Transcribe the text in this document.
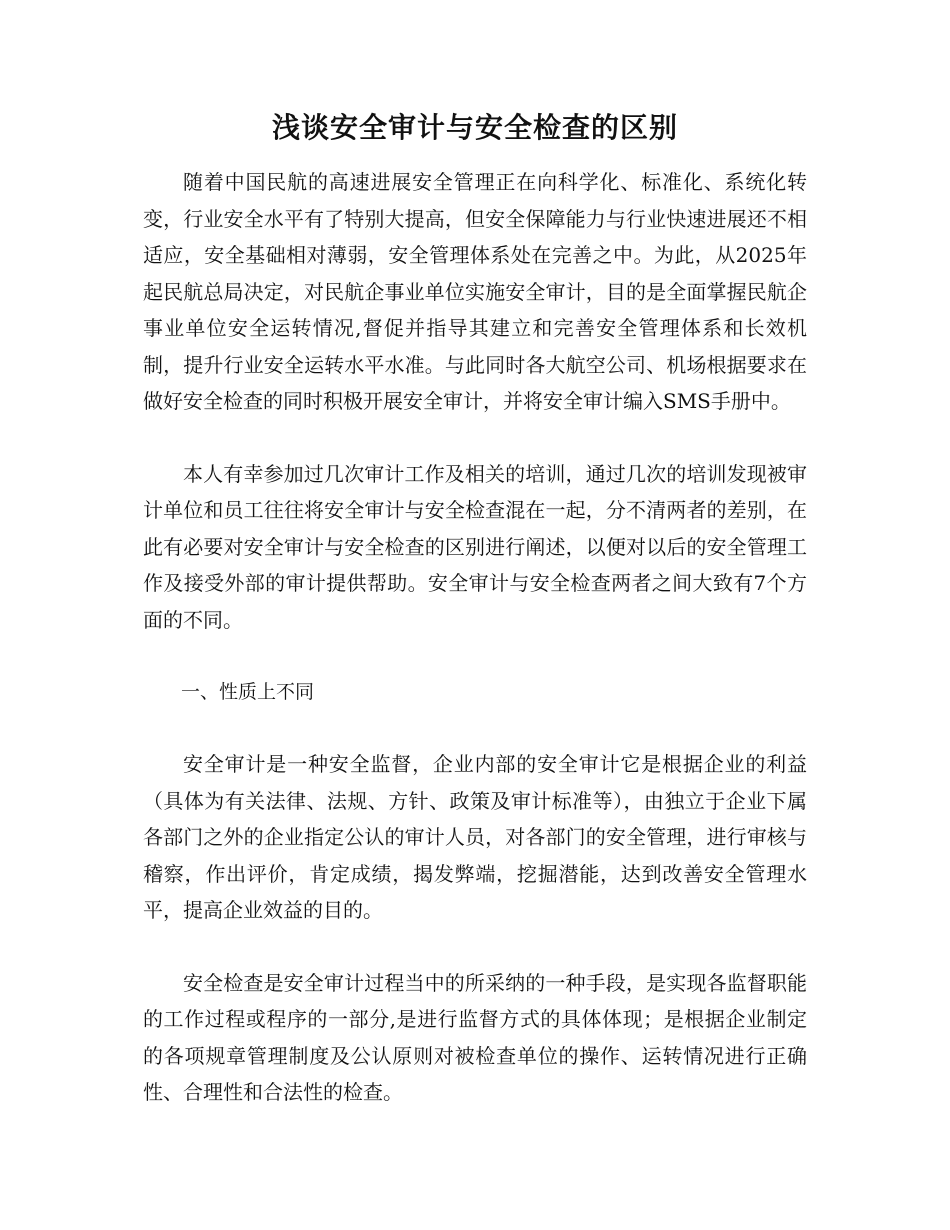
浅谈安全审计与安全检查的区别

随着中国民航的高速进展安全管理正在向科学化、标准化、系统化转变，行业安全水平有了特别大提高，但安全保障能力与行业快速进展还不相适应，安全基础相对薄弱，安全管理体系处在完善之中。为此，从2025年起民航总局决定，对民航企事业单位实施安全审计，目的是全面掌握民航企事业单位安全运转情况,督促并指导其建立和完善安全管理体系和长效机制，提升行业安全运转水平水准。与此同时各大航空公司、机场根据要求在做好安全检查的同时积极开展安全审计，并将安全审计编入SMS手册中。

本人有幸参加过几次审计工作及相关的培训，通过几次的培训发现被审计单位和员工往往将安全审计与安全检查混在一起，分不清两者的差别，在此有必要对安全审计与安全检查的区别进行阐述，以便对以后的安全管理工作及接受外部的审计提供帮助。安全审计与安全检查两者之间大致有7个方面的不同。

一、性质上不同

安全审计是一种安全监督，企业内部的安全审计它是根据企业的利益（具体为有关法律、法规、方针、政策及审计标准等），由独立于企业下属各部门之外的企业指定公认的审计人员，对各部门的安全管理，进行审核与稽察，作出评价，肯定成绩，揭发弊端，挖掘潜能，达到改善安全管理水平，提高企业效益的目的。

安全检查是安全审计过程当中的所采纳的一种手段，是实现各监督职能的工作过程或程序的一部分,是进行监督方式的具体体现；是根据企业制定的各项规章管理制度及公认原则对被检查单位的操作、运转情况进行正确性、合理性和合法性的检查。
